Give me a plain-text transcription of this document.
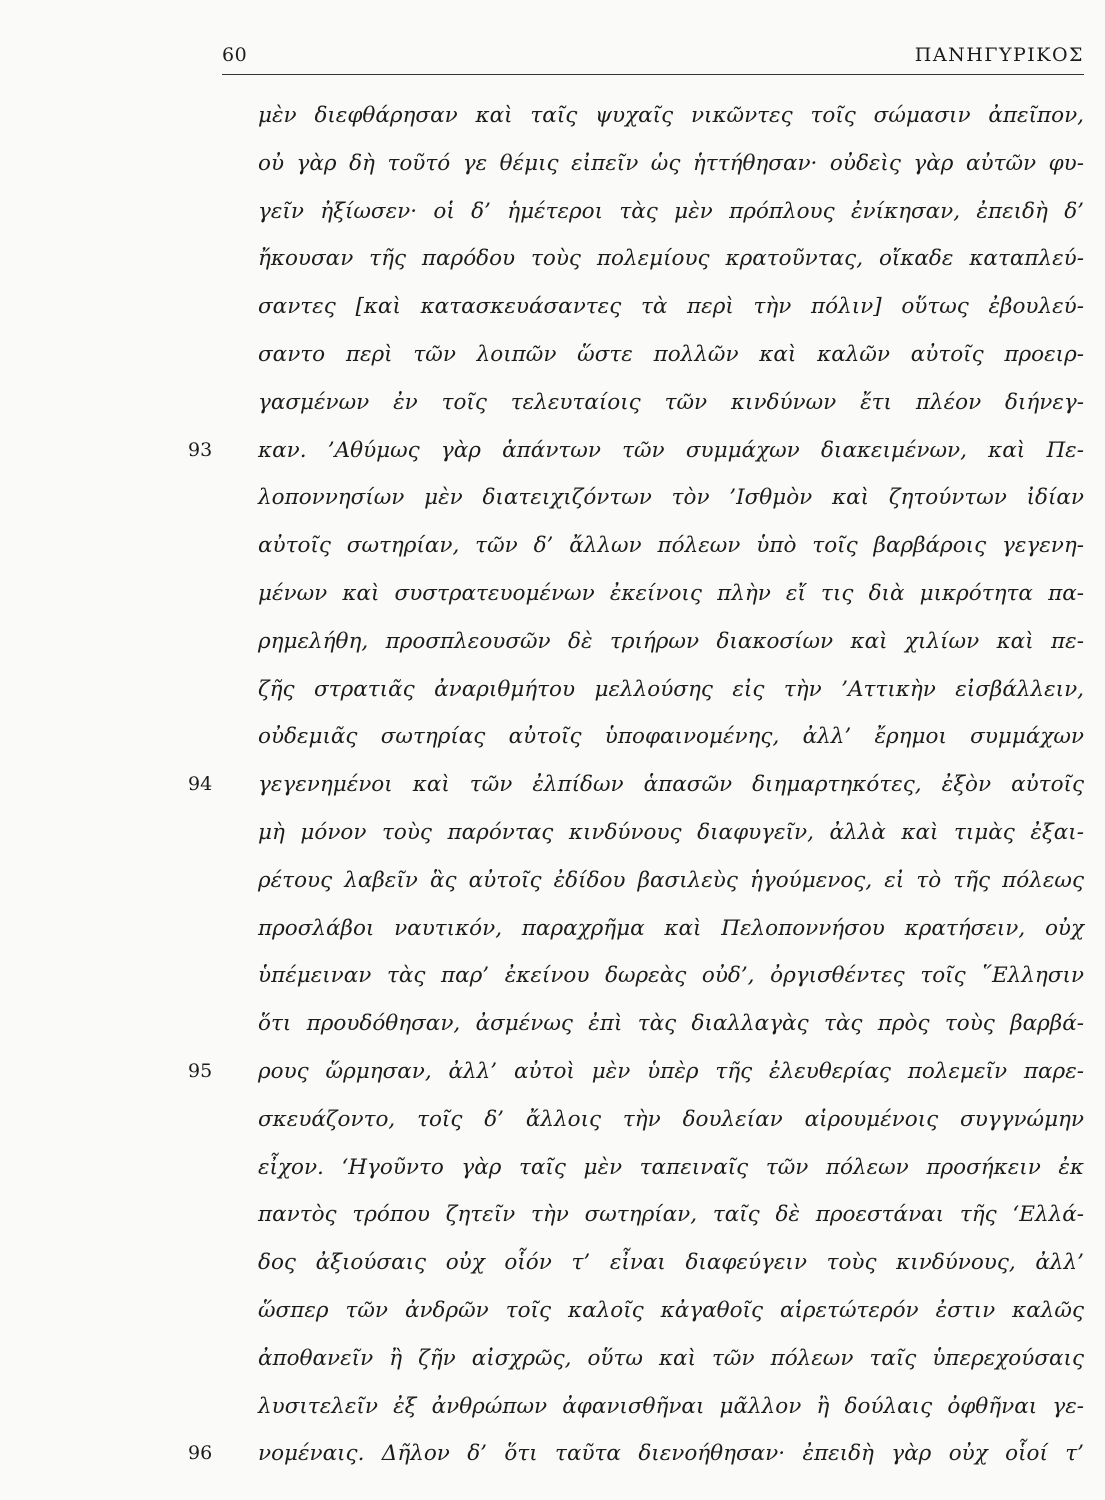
60	ΠΑΝΗΓΥΡΙΚΟΣ
μὲν διεφθάρησαν καὶ ταῖς ψυχαῖς νικῶντες τοῖς σώμασιν ἀπεῖπον,
οὐ γὰρ δὴ τοῦτό γε θέμις εἰπεῖν ὡς ἡττήθησαν· οὐδεὶς γὰρ αὐτῶν φυ-
γεῖν ἠξίωσεν· οἱ δ’ ἡμέτεροι τὰς μὲν πρόπλους ἐνίκησαν, ἐπειδὴ δ’
ἤκουσαν τῆς παρόδου τοὺς πολεμίους κρατοῦντας, οἴκαδε καταπλεύ-
σαντες [καὶ κατασκευάσαντες τὰ περὶ τὴν πόλιν] οὕτως ἐβουλεύ-
σαντο περὶ τῶν λοιπῶν ὥστε πολλῶν καὶ καλῶν αὐτοῖς προειρ-
γασμένων ἐν τοῖς τελευταίοις τῶν κινδύνων ἔτι πλέον διήνεγ-
93	καν. ’Αθύμως γὰρ ἁπάντων τῶν συμμάχων διακειμένων, καὶ Πε-
λοποννησίων μὲν διατειχιζόντων τὸν ’Ισθμὸν καὶ ζητούντων ἰδίαν
αὐτοῖς σωτηρίαν, τῶν δ’ ἄλλων πόλεων ὑπὸ τοῖς βαρβάροις γεγενη-
μένων καὶ συστρατευομένων ἐκείνοις πλὴν εἴ τις διὰ μικρότητα πα-
ρημελήθη, προσπλεουσῶν δὲ τριήρων διακοσίων καὶ χιλίων καὶ πε-
ζῆς στρατιᾶς ἀναριθμήτου μελλούσης εἰς τὴν ’Αττικὴν εἰσβάλλειν,
οὐδεμιᾶς σωτηρίας αὐτοῖς ὑποφαινομένης, ἀλλ’ ἔρημοι συμμάχων
94	γεγενημένοι καὶ τῶν ἐλπίδων ἁπασῶν διημαρτηκότες, ἐξὸν αὐτοῖς
μὴ μόνον τοὺς παρόντας κινδύνους διαφυγεῖν, ἀλλὰ καὶ τιμὰς ἐξαι-
ρέτους λαβεῖν ἃς αὐτοῖς ἐδίδου βασιλεὺς ἡγούμενος, εἰ τὸ τῆς πόλεως
προσλάβοι ναυτικόν, παραχρῆμα καὶ Πελοποννήσου κρατήσειν, οὐχ
ὑπέμειναν τὰς παρ’ ἐκείνου δωρεὰς οὐδ’, ὀργισθέντες τοῖς ῞Ελλησιν
ὅτι προυδόθησαν, ἀσμένως ἐπὶ τὰς διαλλαγὰς τὰς πρὸς τοὺς βαρβά-
95	ρους ὥρμησαν, ἀλλ’ αὐτοὶ μὲν ὑπὲρ τῆς ἐλευθερίας πολεμεῖν παρε-
σκευάζοντο, τοῖς δ’ ἄλλοις τὴν δουλείαν αἱρουμένοις συγγνώμην
εἶχον. ‘Ηγοῦντο γὰρ ταῖς μὲν ταπειναῖς τῶν πόλεων προσήκειν ἐκ
παντὸς τρόπου ζητεῖν τὴν σωτηρίαν, ταῖς δὲ προεστάναι τῆς ‘Ελλά-
δος ἀξιούσαις οὐχ οἷόν τ’ εἶναι διαφεύγειν τοὺς κινδύνους, ἀλλ’
ὥσπερ τῶν ἀνδρῶν τοῖς καλοῖς κἀγαθοῖς αἱρετώτερόν ἐστιν καλῶς
ἀποθανεῖν ἢ ζῆν αἰσχρῶς, οὕτω καὶ τῶν πόλεων ταῖς ὑπερεχούσαις
λυσιτελεῖν ἐξ ἀνθρώπων ἀφανισθῆναι μᾶλλον ἢ δούλαις ὀφθῆναι γε-
96	νομέναις. Δῆλον δ’ ὅτι ταῦτα διενοήθησαν· ἐπειδὴ γὰρ οὐχ οἷοί τ’
